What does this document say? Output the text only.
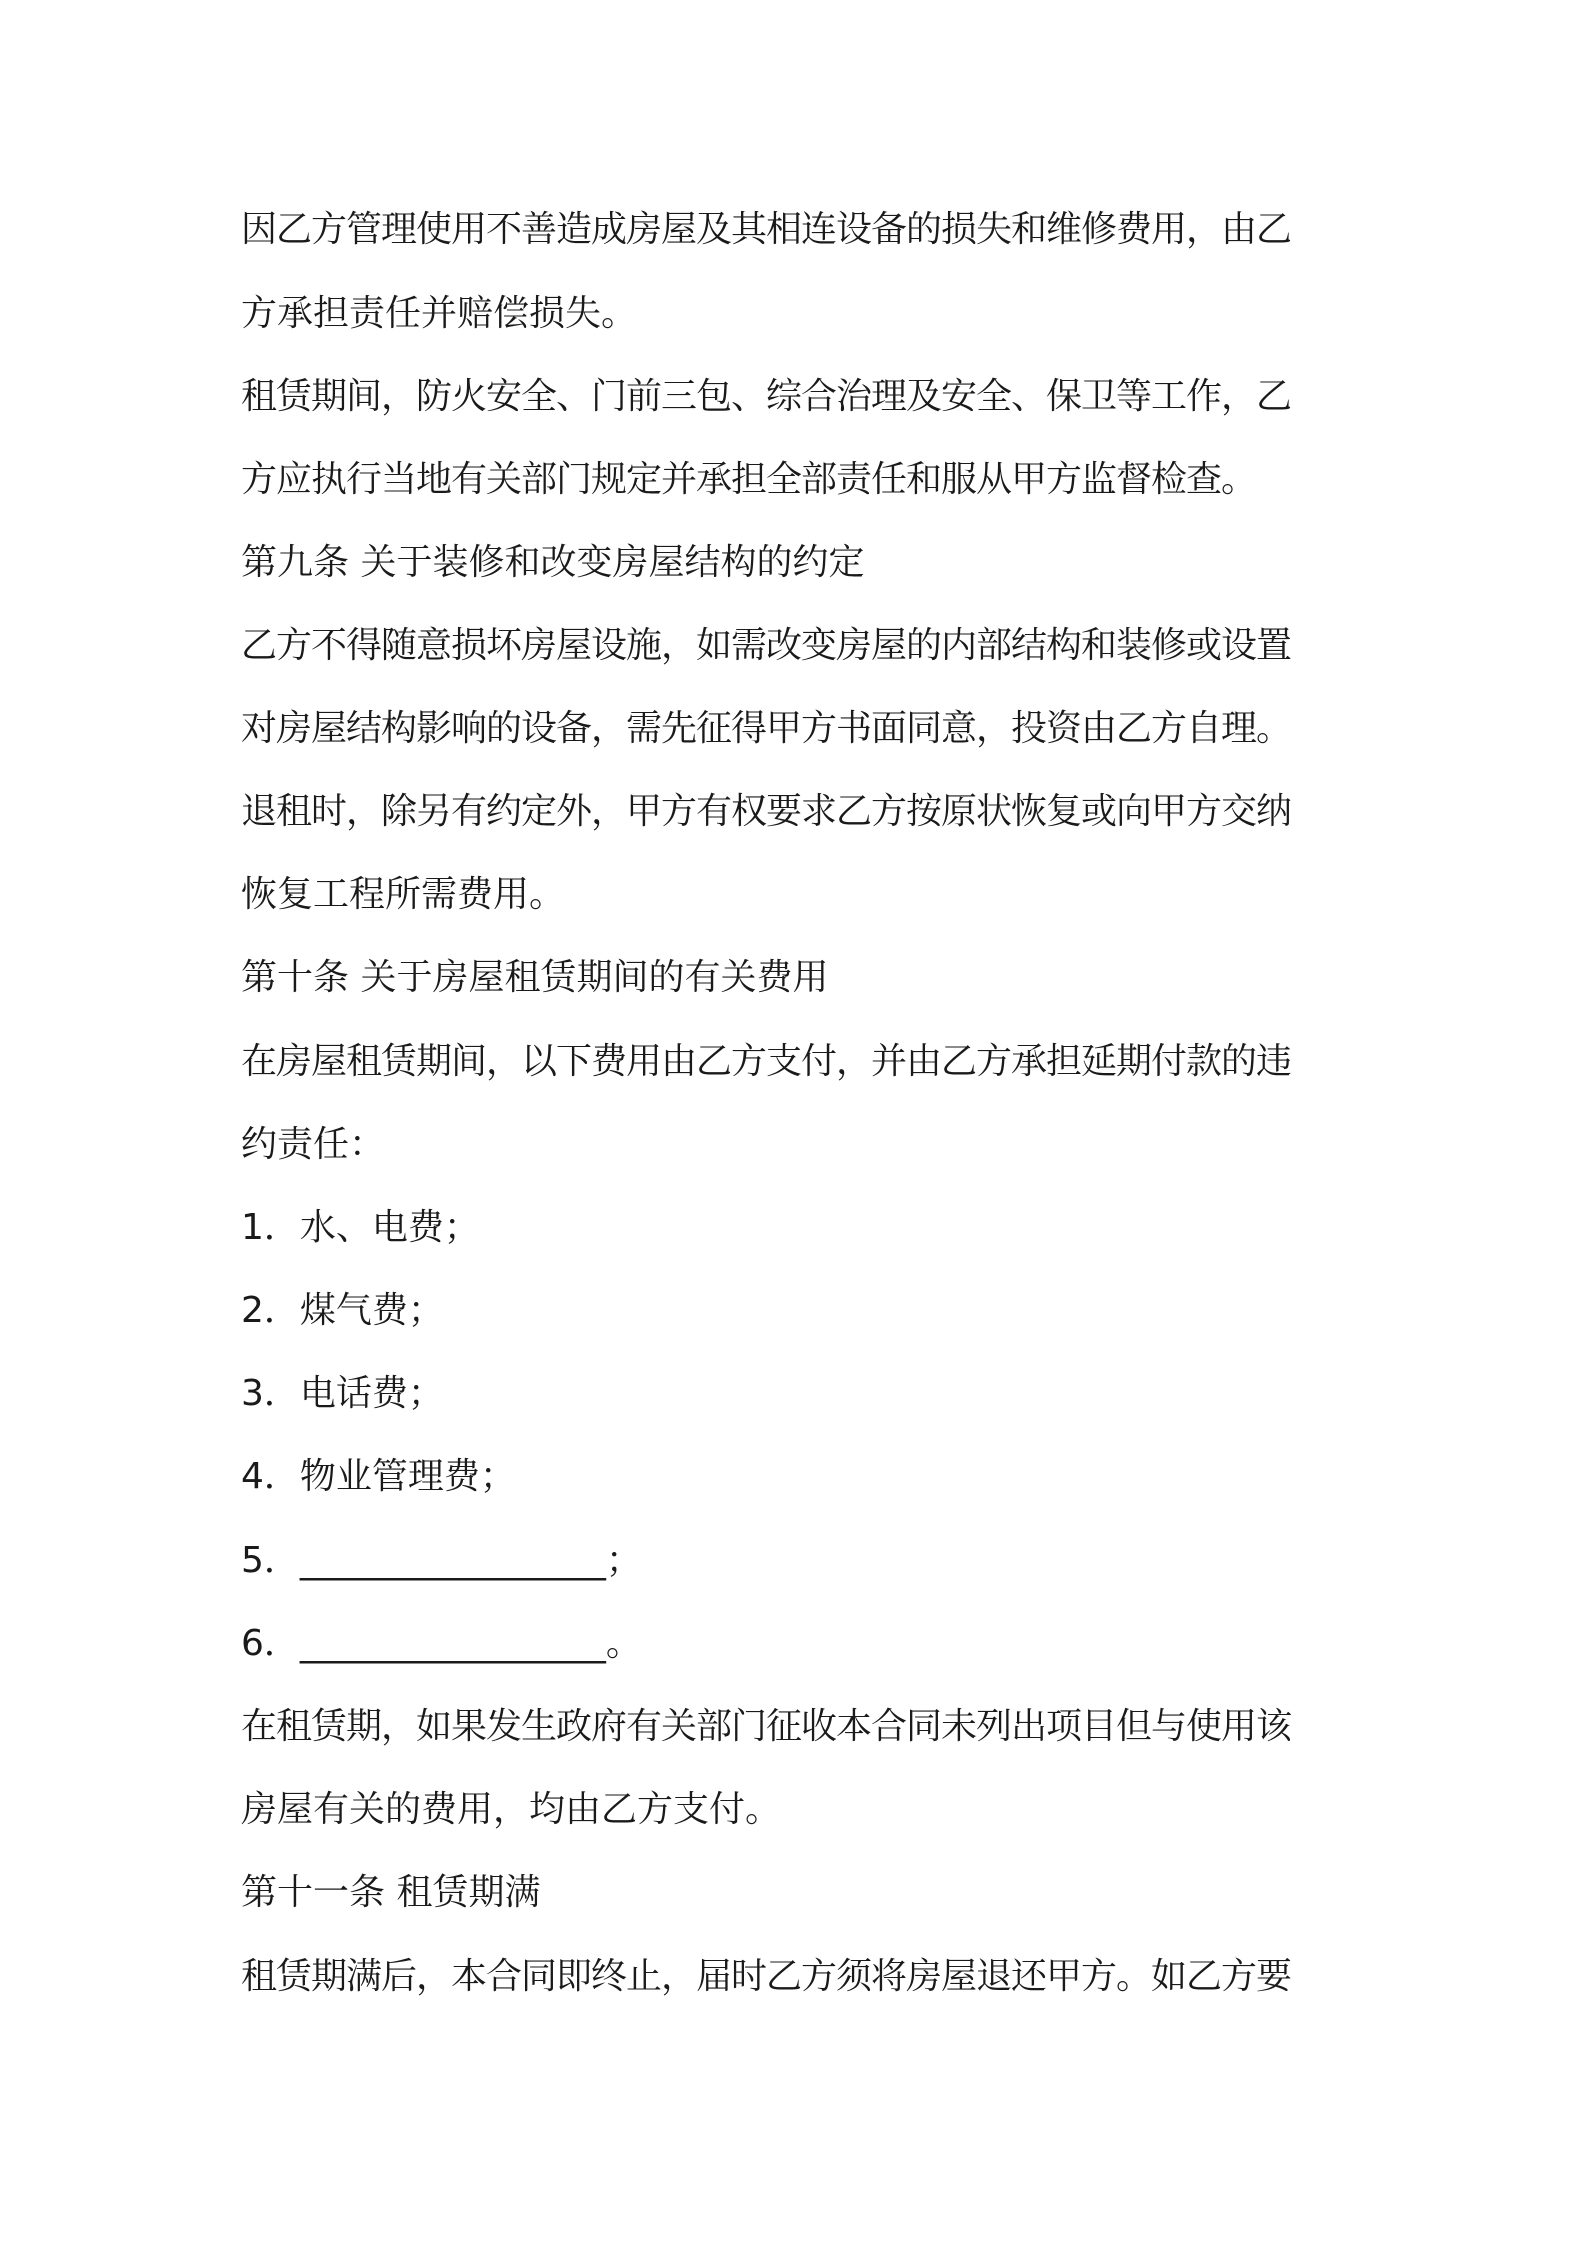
因乙方管理使用不善造成房屋及其相连设备的损失和维修费用，由乙
方承担责任并赔偿损失。
租赁期间，防火安全、门前三包、综合治理及安全、保卫等工作，乙
方应执行当地有关部门规定并承担全部责任和服从甲方监督检查。
第九条 关于装修和改变房屋结构的约定
乙方不得随意损坏房屋设施，如需改变房屋的内部结构和装修或设置
对房屋结构影响的设备，需先征得甲方书面同意，投资由乙方自理。
退租时，除另有约定外，甲方有权要求乙方按原状恢复或向甲方交纳
恢复工程所需费用。
第十条 关于房屋租赁期间的有关费用
在房屋租赁期间，以下费用由乙方支付，并由乙方承担延期付款的违
约责任：
1．水、电费；
2．煤气费；
3．电话费；
4．物业管理费；
5．_________________；
6．_________________。
在租赁期，如果发生政府有关部门征收本合同未列出项目但与使用该
房屋有关的费用，均由乙方支付。
第十一条 租赁期满
租赁期满后，本合同即终止，届时乙方须将房屋退还甲方。如乙方要
